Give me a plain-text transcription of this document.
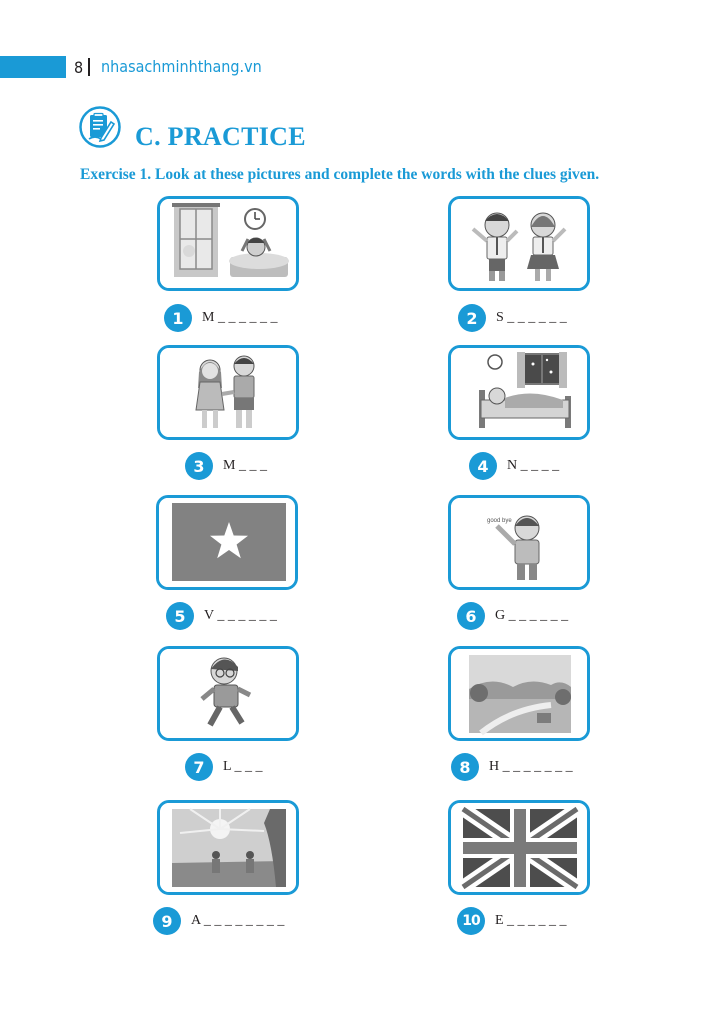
8 nhasachminhthang.vn
C. PRACTICE
Exercise 1. Look at these pictures and complete the words with the clues given.
good bye
1	M _ _ _ _ _ _	2	S _ _ _ _ _ _
3	M _ _ _	4	N _ _ _ _
5	V _ _ _ _ _ _	6	G _ _ _ _ _ _
7	L _ _ _	8	H _ _ _ _ _ _ _
9	A _ _ _ _ _ _ _ _	10	E _ _ _ _ _ _
